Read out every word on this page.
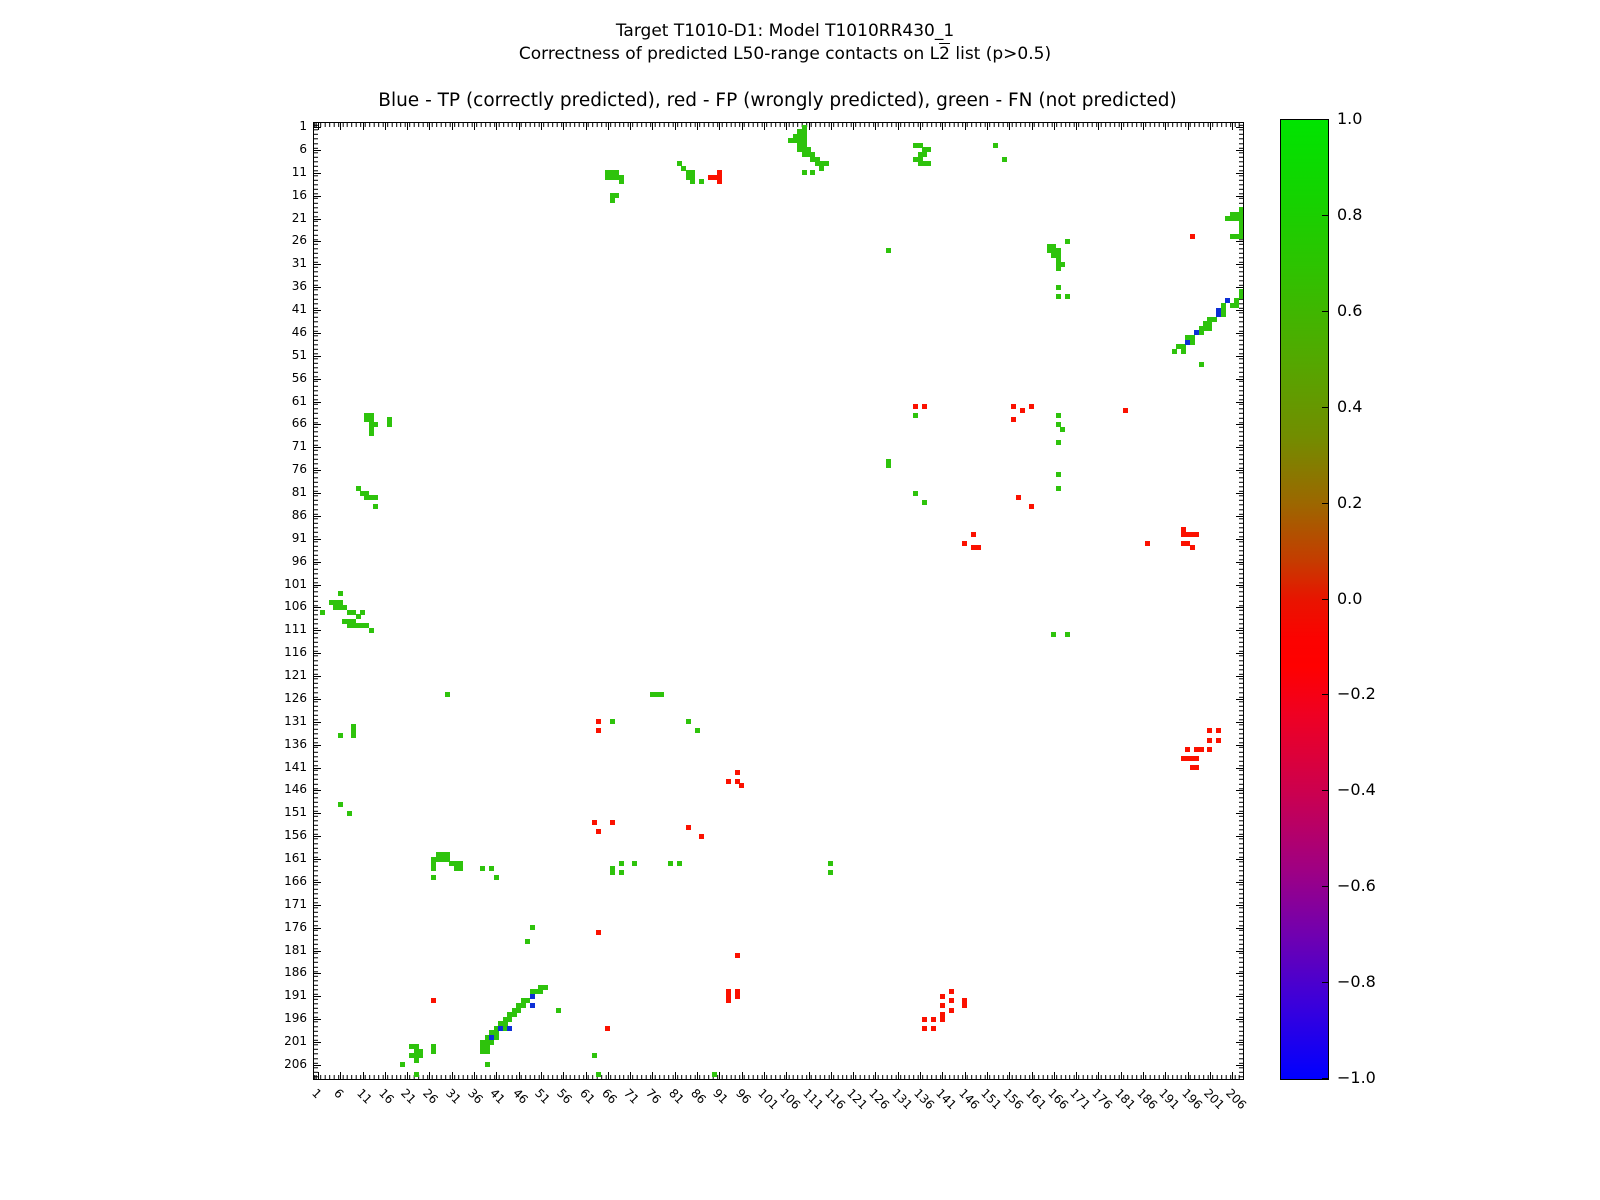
Target T1010-D1: Model T1010RR430_1
Correctness of predicted L50-range contacts on L2 list (p>0.5)
Blue - TP (correctly predicted), red - FP (wrongly predicted), green - FN (not predicted)
1 6 11 16 21 26 31 36 41 46 51 56 61 66 71 76 81 86 91 96 101
106
111
116
121
126
131
136
141
146
151
156
161
166
171
176
181
186
191
196
201
206
1
6
11
16
21
26
31
36
41
46
51
56
61
66
71
76
81
86
91
96
101
106
111
116
121
126
131
136
141
146
151
156
161
166
171
176
181
186
191
196
201
206
1.0
0.8
0.6
0.4
0.2
0.0
−0.2
−0.4
−0.6
−0.8
−1.0
